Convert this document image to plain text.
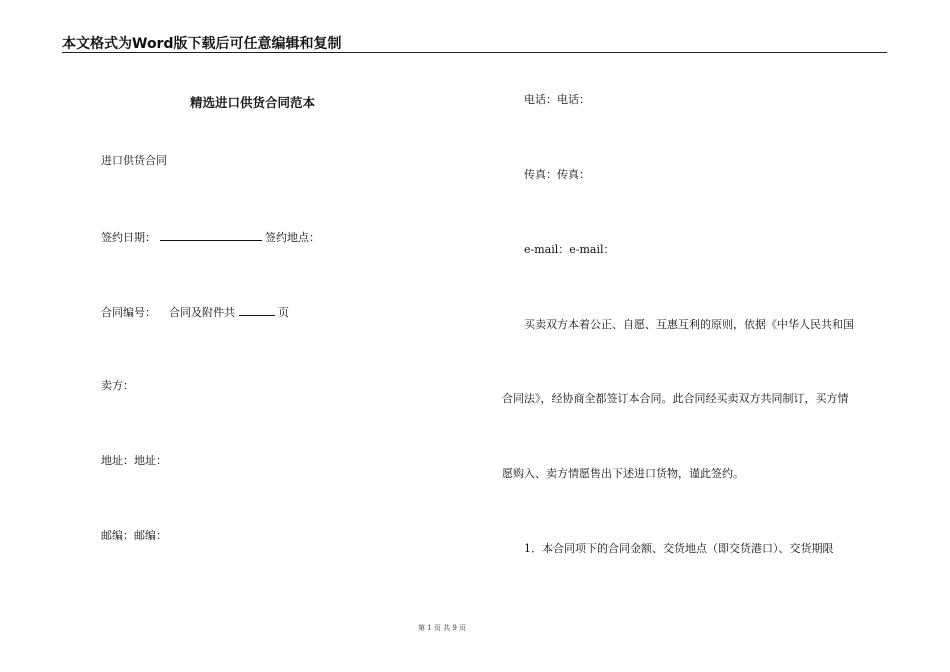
本文格式为Word版下载后可任意编辑和复制
精选进口供货合同范本
进口供货合同
签约日期：	签约地点：
合同编号： 合同及附件共	页
卖方：
地址：地址：
邮编：邮编：
电话：电话：
传真：传真：
e-mail：e-mail：
买卖双方本着公正、自愿、互惠互利的原则，依据《中华人民共和国
合同法》，经协商全都签订本合同。此合同经买卖双方共同制订，买方情
愿购入、卖方情愿售出下述进口货物，谨此签约。
1．本合同项下的合同金额、交货地点（即交货港口）、交货期限
第 1 页 共 9 页
